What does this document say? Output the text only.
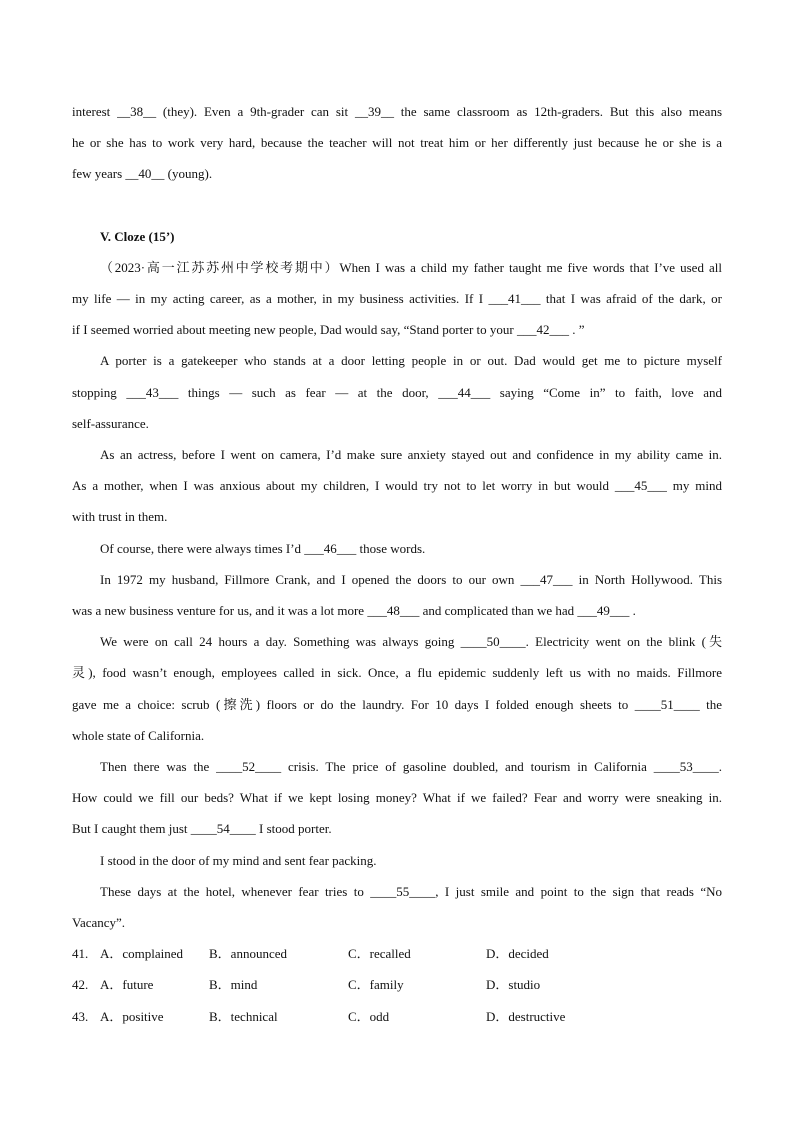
interest __38__ (they). Even a 9th-grader can sit __39__ the same classroom as 12th-graders. But this also means

he or she has to work very hard, because the teacher will not treat him or her differently just because he or she is a

few years __40__ (young).

V. Cloze (15’)

（2023·高一江苏苏州中学校考期中）When I was a child my father taught me five words that I’ve used all

my life — in my acting career, as a mother, in my business activities. If I ___41___ that I was afraid of the dark, or

if I seemed worried about meeting new people, Dad would say, “Stand porter to your ___42___ . ”

A porter is a gatekeeper who stands at a door letting people in or out. Dad would get me to picture myself

stopping ___43___ things — such as fear — at the door, ___44___ saying “Come in” to faith, love and

self-assurance.

As an actress, before I went on camera, I’d make sure anxiety stayed out and confidence in my ability came in.

As a mother, when I was anxious about my children, I would try not to let worry in but would ___45___ my mind

with trust in them.

Of course, there were always times I’d ___46___ those words.

In 1972 my husband, Fillmore Crank, and I opened the doors to our own ___47___ in North Hollywood. This

was a new business venture for us, and it was a lot more ___48___ and complicated than we had ___49___ .

We were on call 24 hours a day. Something was always going ____50____. Electricity went on the blink (失

灵), food wasn’t enough, employees called in sick. Once, a flu epidemic suddenly left us with no maids. Fillmore

gave me a choice: scrub (擦洗) floors or do the laundry. For 10 days I folded enough sheets to ____51____ the

whole state of California.

Then there was the ____52____ crisis. The price of gasoline doubled, and tourism in California ____53____.

How could we fill our beds? What if we kept losing money? What if we failed? Fear and worry were sneaking in.

But I caught them just ____54____ I stood porter.

I stood in the door of my mind and sent fear packing.

These days at the hotel, whenever fear tries to ____55____, I just smile and point to the sign that reads “No

Vacancy”.

41. A．complained B．announced	C．recalled	D．decided
42. A．future	B．mind	C．family	D．studio
43. A．positive	B．technical	C．odd	D．destructive
